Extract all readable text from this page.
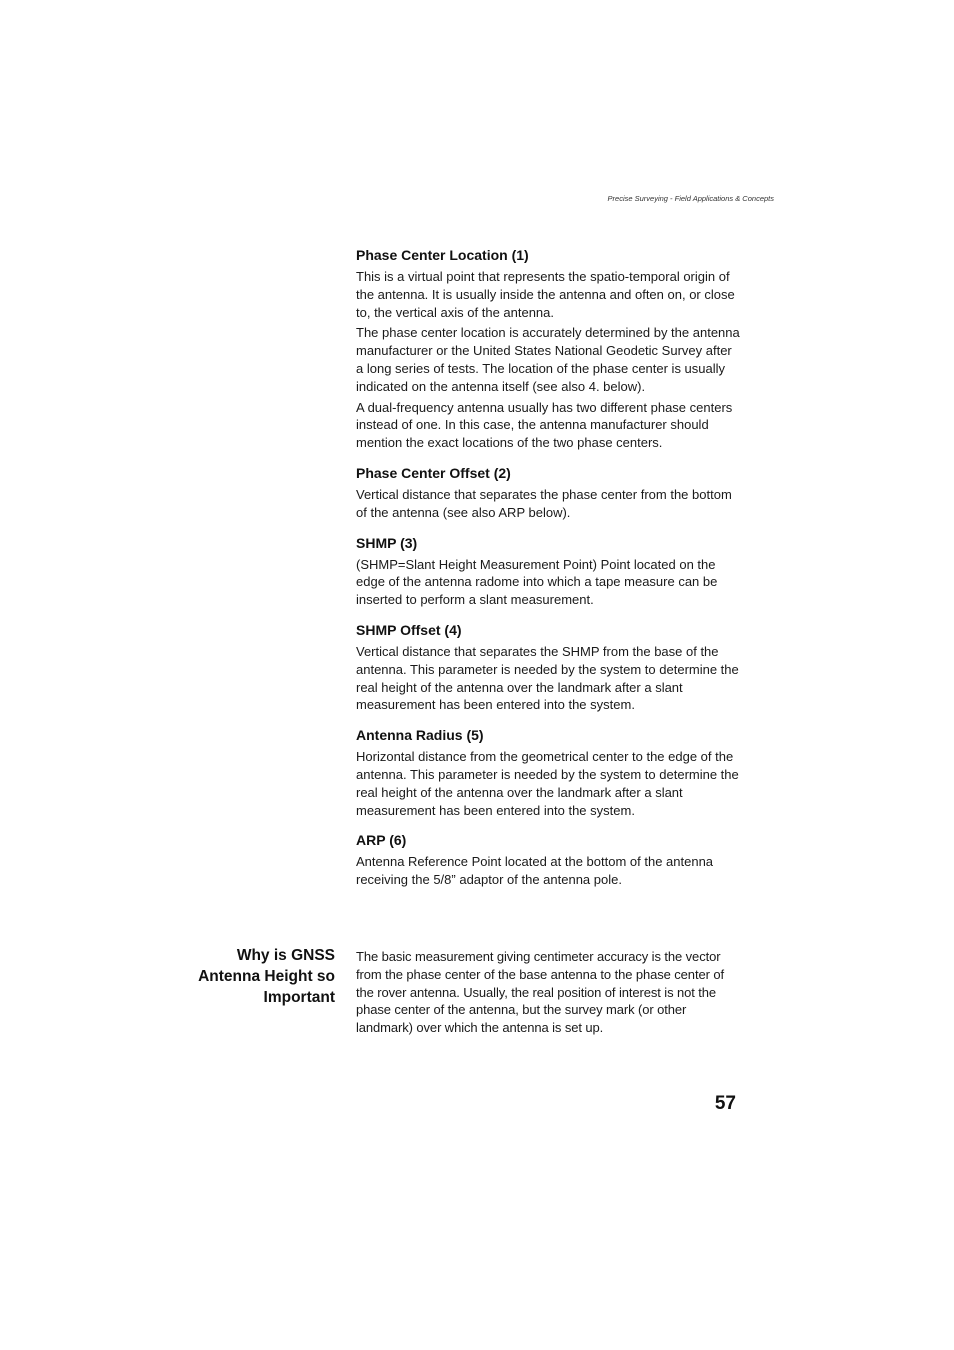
Precise Surveying - Field Applications & Concepts
Phase Center Location (1)

This is a virtual point that represents the spatio-temporal origin of the antenna. It is usually inside the antenna and often on, or close to, the vertical axis of the antenna.

The phase center location is accurately determined by the antenna manufacturer or the United States National Geodetic Survey after a long series of tests. The location of the phase center is usually indicated on the antenna itself (see also 4. below).

A dual-frequency antenna usually has two different phase centers instead of one. In this case, the antenna manufacturer should mention the exact locations of the two phase centers.

Phase Center Offset (2)

Vertical distance that separates the phase center from the bottom of the antenna (see also ARP below).

SHMP (3)

(SHMP=Slant Height Measurement Point) Point located on the edge of the antenna radome into which a tape measure can be inserted to perform a slant measurement.

SHMP Offset (4)

Vertical distance that separates the SHMP from the base of the antenna. This parameter is needed by the system to determine the real height of the antenna over the landmark after a slant measurement has been entered into the system.

Antenna Radius (5)

Horizontal distance from the geometrical center to the edge of the antenna. This parameter is needed by the system to determine the real height of the antenna over the landmark after a slant measurement has been entered into the system.

ARP (6)

Antenna Reference Point located at the bottom of the antenna receiving the 5/8” adaptor of the antenna pole.

Why is GNSS
Antenna Height so
Important

The basic measurement giving centimeter accuracy is the vector from the phase center of the base antenna to the phase center of the rover antenna. Usually, the real position of interest is not the phase center of the antenna, but the survey mark (or other landmark) over which the antenna is set up.

57
